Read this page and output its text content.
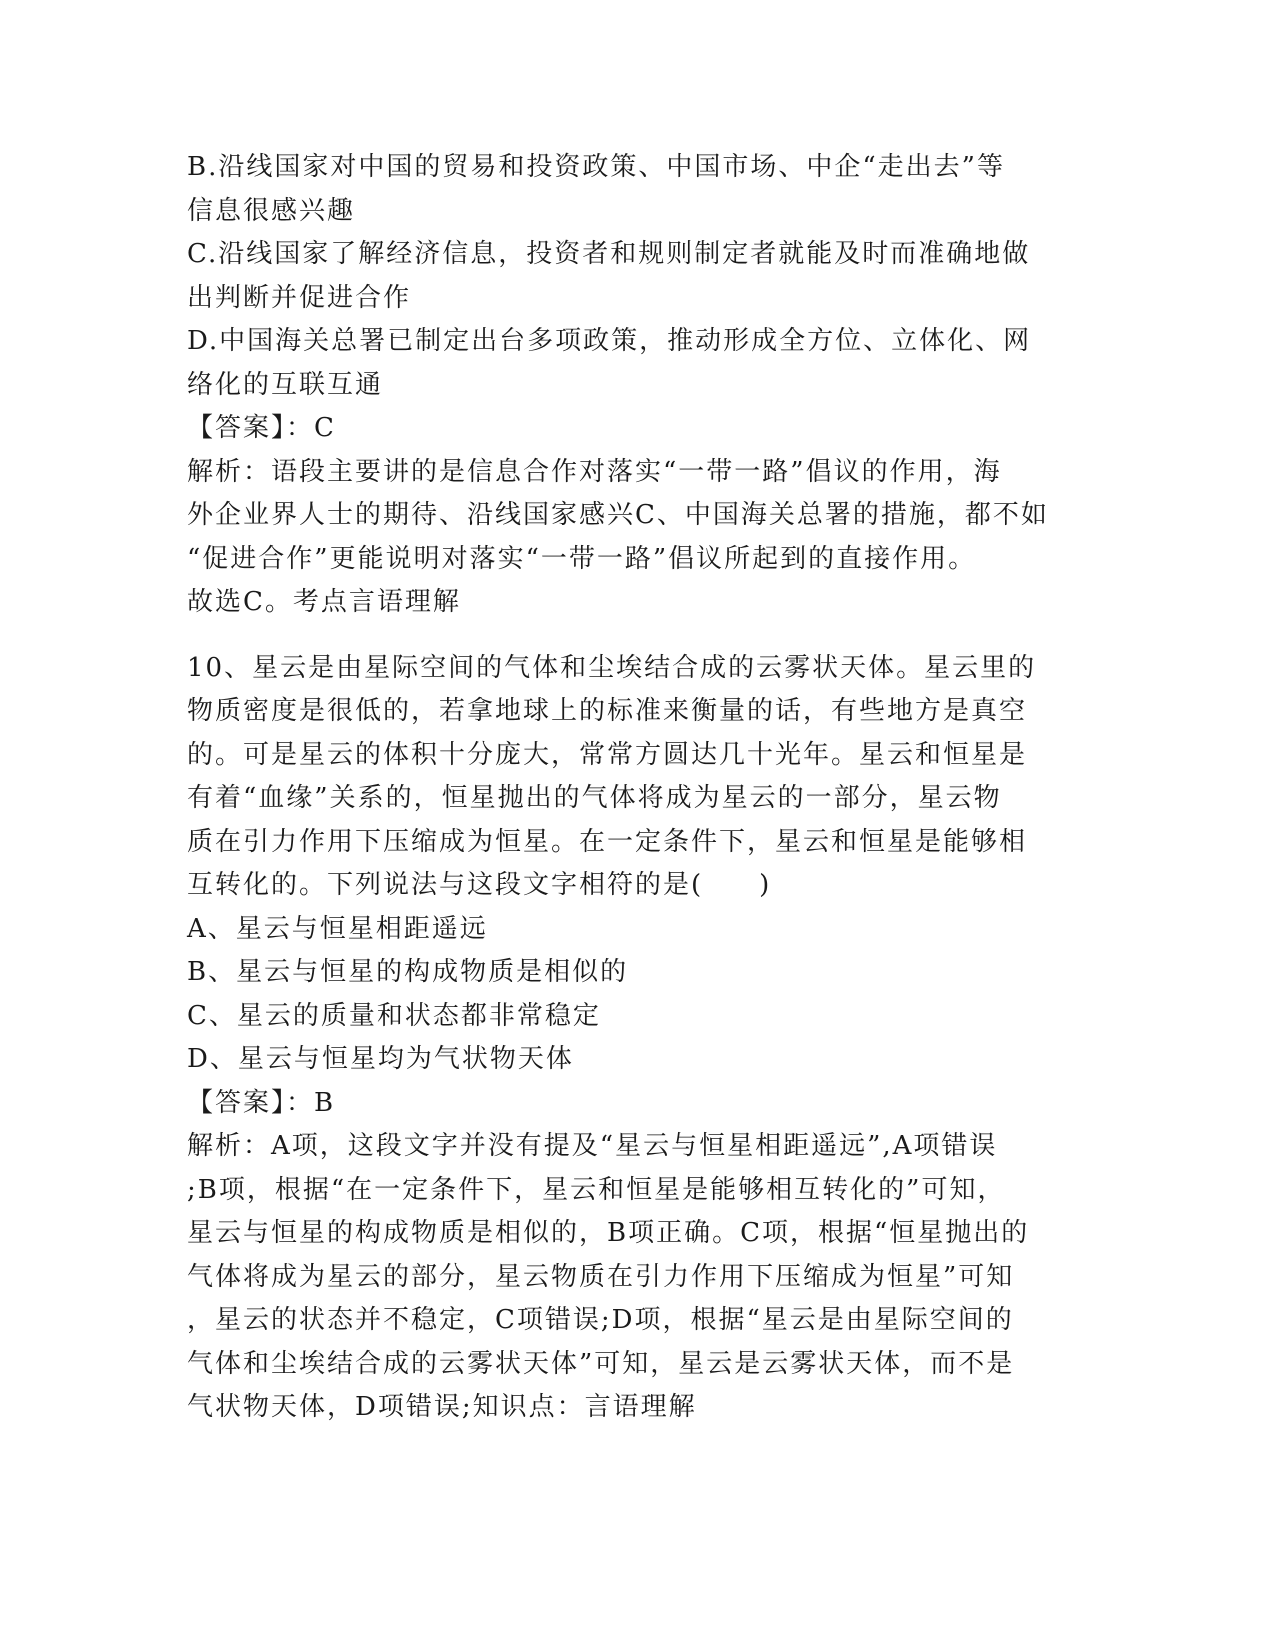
B.沿线国家对中国的贸易和投资政策、中国市场、中企“走出去”等
信息很感兴趣
C.沿线国家了解经济信息，投资者和规则制定者就能及时而准确地做
出判断并促进合作
D.中国海关总署已制定出台多项政策，推动形成全方位、立体化、网
络化的互联互通
【答案】：C
解析：语段主要讲的是信息合作对落实“一带一路”倡议的作用，海
外企业界人士的期待、沿线国家感兴C、中国海关总署的措施，都不如
“促进合作”更能说明对落实“一带一路”倡议所起到的直接作用。
故选C。考点言语理解
10、星云是由星际空间的气体和尘埃结合成的云雾状天体。星云里的
物质密度是很低的，若拿地球上的标准来衡量的话，有些地方是真空
的。可是星云的体积十分庞大，常常方圆达几十光年。星云和恒星是
有着“血缘”关系的，恒星抛出的气体将成为星云的一部分，星云物
质在引力作用下压缩成为恒星。在一定条件下，星云和恒星是能够相
互转化的。下列说法与这段文字相符的是(　　)
A、星云与恒星相距遥远
B、星云与恒星的构成物质是相似的
C、星云的质量和状态都非常稳定
D、星云与恒星均为气状物天体
【答案】：B
解析：A项，这段文字并没有提及“星云与恒星相距遥远”,A项错误
;B项，根据“在一定条件下，星云和恒星是能够相互转化的”可知，
星云与恒星的构成物质是相似的，B项正确。C项，根据“恒星抛出的
气体将成为星云的部分，星云物质在引力作用下压缩成为恒星”可知
，星云的状态并不稳定，C项错误;D项，根据“星云是由星际空间的
气体和尘埃结合成的云雾状天体”可知，星云是云雾状天体，而不是
气状物天体，D项错误;知识点：言语理解
